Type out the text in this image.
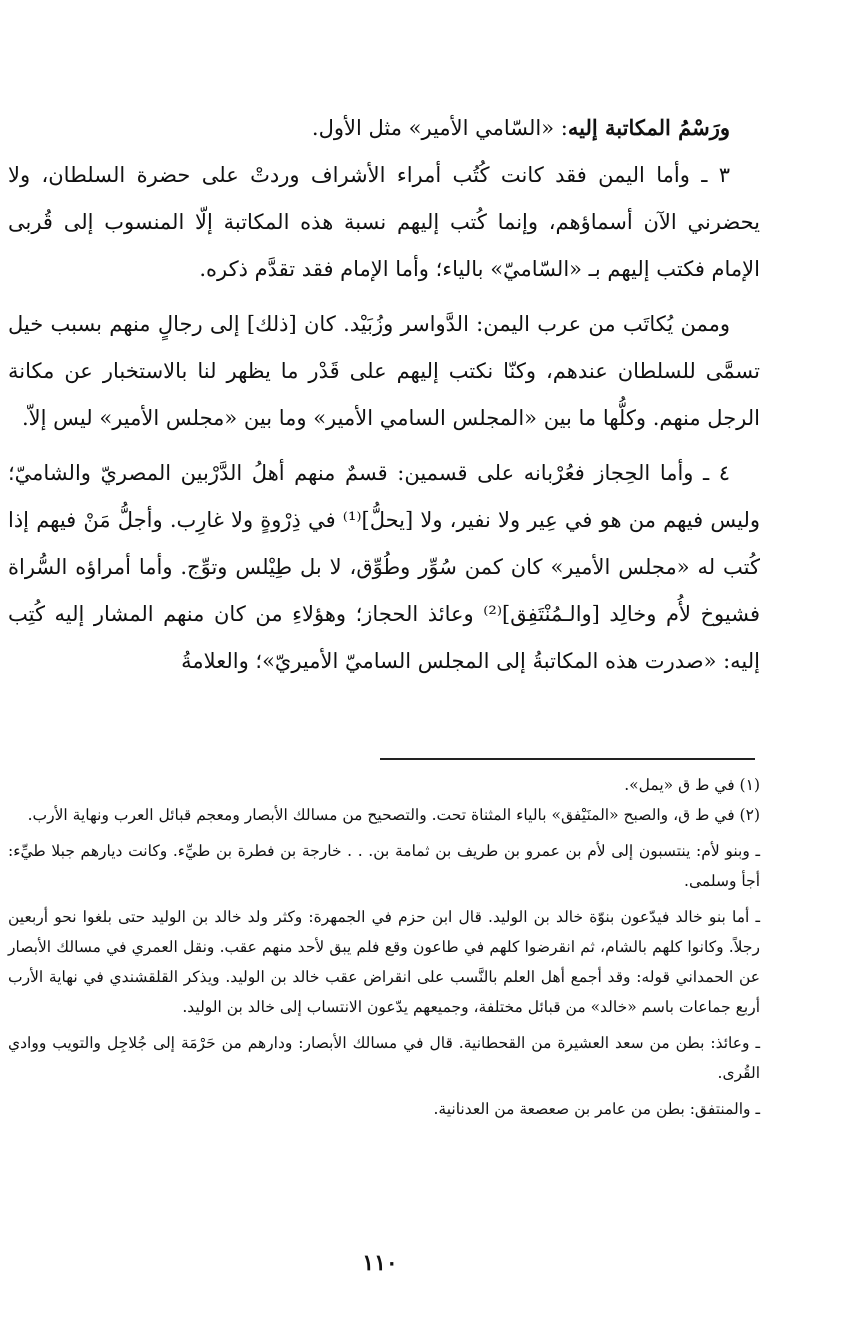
ورَسْمُ المكاتبة إليه: «السّامي الأمير» مثل الأول.

٣ ـ وأما اليمن فقد كانت كُتُب أمراء الأشراف وردتْ على حضرة السلطان، ولا يحضرني الآن أسماؤهم، وإنما كُتب إليهم نسبة هذه المكاتبة إلّا المنسوب إلى قُربى الإمام فكتب إليهم بـ «السّاميّ» بالياء؛ وأما الإمام فقد تقدَّم ذكره.

وممن يُكاتَب من عرب اليمن: الدَّواسر وزُبَيْد. كان [ذلك] إلى رجالٍ منهم بسبب خيل تسمَّى للسلطان عندهم، وكنّا نكتب إليهم على قَدْر ما يظهر لنا بالاستخبار عن مكانة الرجل منهم. وكلُّها ما بين «المجلس السامي الأمير» وما بين «مجلس الأمير» ليس إلاّ.

٤ ـ وأما الحِجاز فعُرْبانه على قسمين: قسمٌ منهم أهلُ الدَّرْبين المصريّ والشاميّ؛ وليس فيهم من هو في عِير ولا نفير، ولا [يحلُّ]⁽¹⁾ في ذِرْوةٍ ولا غارِب. وأجلُّ مَنْ فيهم إذا كُتب له «مجلس الأمير» كان كمن سُوِّر وطُوِّق، لا بل طِيْلس وتوِّج. وأما أمراؤه السُّراة فشيوخ لأُم وخالِد [والـمُنْتَفِق]⁽²⁾ وعائذ الحجاز؛ وهؤلاءِ من كان منهم المشار إليه كُتِب إليه: «صدرت هذه المكاتبةُ إلى المجلس الساميّ الأميريّ»؛ والعلامةُ

(١) في ط ق «يمل».

(٢) في ط ق، والصبح «المنَيْفق» بالياء المثناة تحت. والتصحيح من مسالك الأبصار ومعجم قبائل العرب ونهاية الأرب.

ـ وبنو لأم: ينتسبون إلى لأم بن عمرو بن طريف بن ثمامة بن. . . خارجة بن فطرة بن طيِّء. وكانت ديارهم جبلا طيِّء: أجأ وسلمى.

ـ أما بنو خالد فيدّعون بنوّة خالد بن الوليد. قال ابن حزم في الجمهرة: وكثر ولد خالد بن الوليد حتى بلغوا نحو أربعين رجلاً. وكانوا كلهم بالشام، ثم انقرضوا كلهم في طاعون وقع فلم يبق لأحد منهم عقب. ونقل العمري في مسالك الأبصار عن الحمداني قوله: وقد أجمع أهل العلم بالنَّسب على انقراض عقب خالد بن الوليد. ويذكر القلقشندي في نهاية الأرب أربع جماعات باسم «خالد» من قبائل مختلفة، وجميعهم يدّعون الانتساب إلى خالد بن الوليد.

ـ وعائذ: بطن من سعد العشيرة من القحطانية. قال في مسالك الأبصار: ودارهم من حَرْمَة إلى جُلاجِل والتويب ووادي القُرى.

ـ والمنتفق: بطن من عامر بن صعصعة من العدنانية.

١١٠
